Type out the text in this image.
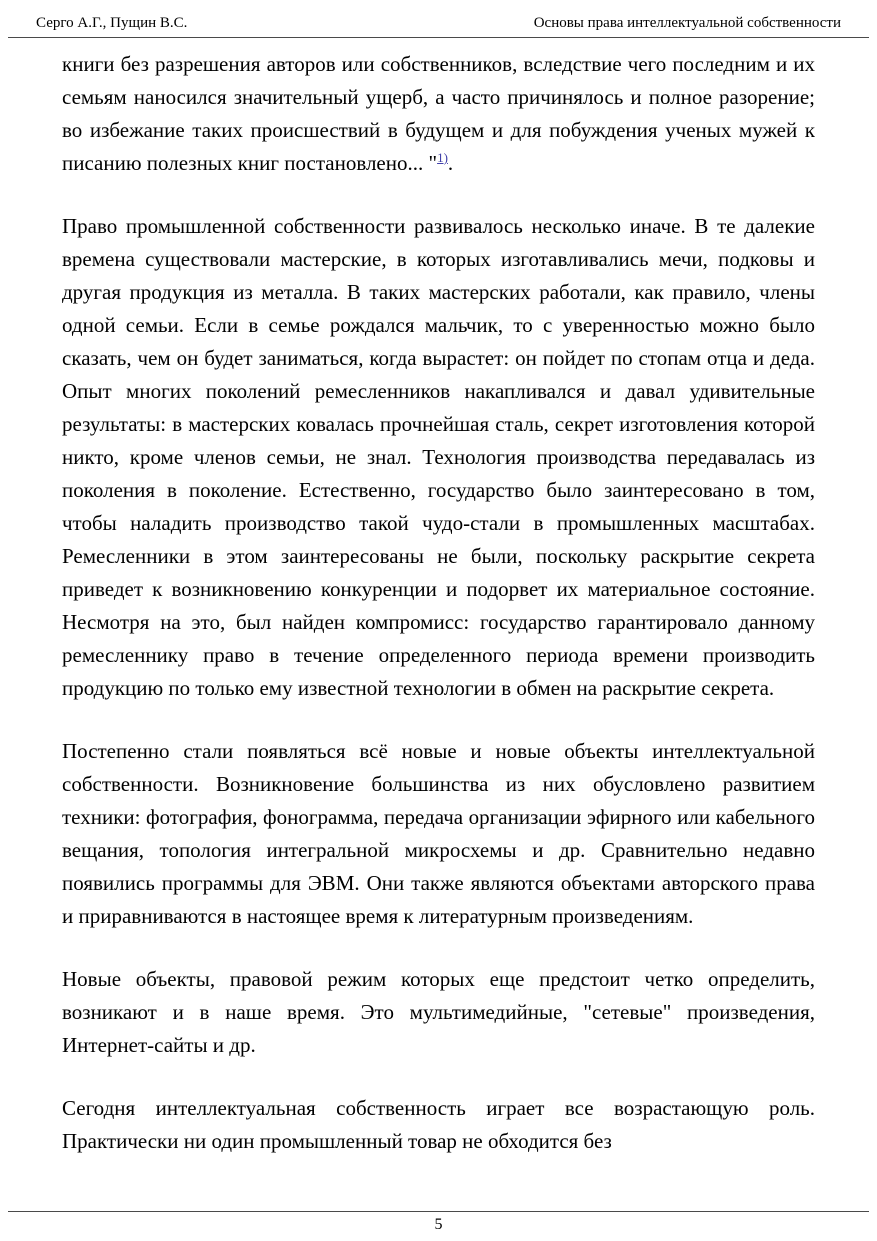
Серго А.Г., Пущин В.С.	Основы права интеллектуальной собственности

книги без разрешения авторов или собственников, вследствие чего последним и их семьям наносился значительный ущерб, а часто причинялось и полное разорение; во избежание таких происшествий в будущем и для побуждения ученых мужей к писанию полезных книг постановлено... "$^{1)}$.

Право промышленной собственности развивалось несколько иначе. В те далекие времена существовали мастерские, в которых изготавливались мечи, подковы и другая продукция из металла. В таких мастерских работали, как правило, члены одной семьи. Если в семье рождался мальчик, то с уверенностью можно было сказать, чем он будет заниматься, когда вырастет: он пойдет по стопам отца и деда. Опыт многих поколений ремесленников накапливался и давал удивительные результаты: в мастерских ковалась прочнейшая сталь, секрет изготовления которой никто, кроме членов семьи, не знал. Технология производства передавалась из поколения в поколение. Естественно, государство было заинтересовано в том, чтобы наладить производство такой чудо-стали в промышленных масштабах. Ремесленники в этом заинтересованы не были, поскольку раскрытие секрета приведет к возникновению конкуренции и подорвет их материальное состояние. Несмотря на это, был найден компромисс: государство гарантировало данному ремесленнику право в течение определенного периода времени производить продукцию по только ему известной технологии в обмен на раскрытие секрета.

Постепенно стали появляться всё новые и новые объекты интеллектуальной собственности. Возникновение большинства из них обусловлено развитием техники: фотография, фонограмма, передача организации эфирного или кабельного вещания, топология интегральной микросхемы и др. Сравнительно недавно появились программы для ЭВМ. Они также являются объектами авторского права и приравниваются в настоящее время к литературным произведениям.

Новые объекты, правовой режим которых еще предстоит четко определить, возникают и в наше время. Это мультимедийные, "сетевые" произведения, Интернет-сайты и др.

Сегодня интеллектуальная собственность играет все возрастающую роль. Практически ни один промышленный товар не обходится без

5
